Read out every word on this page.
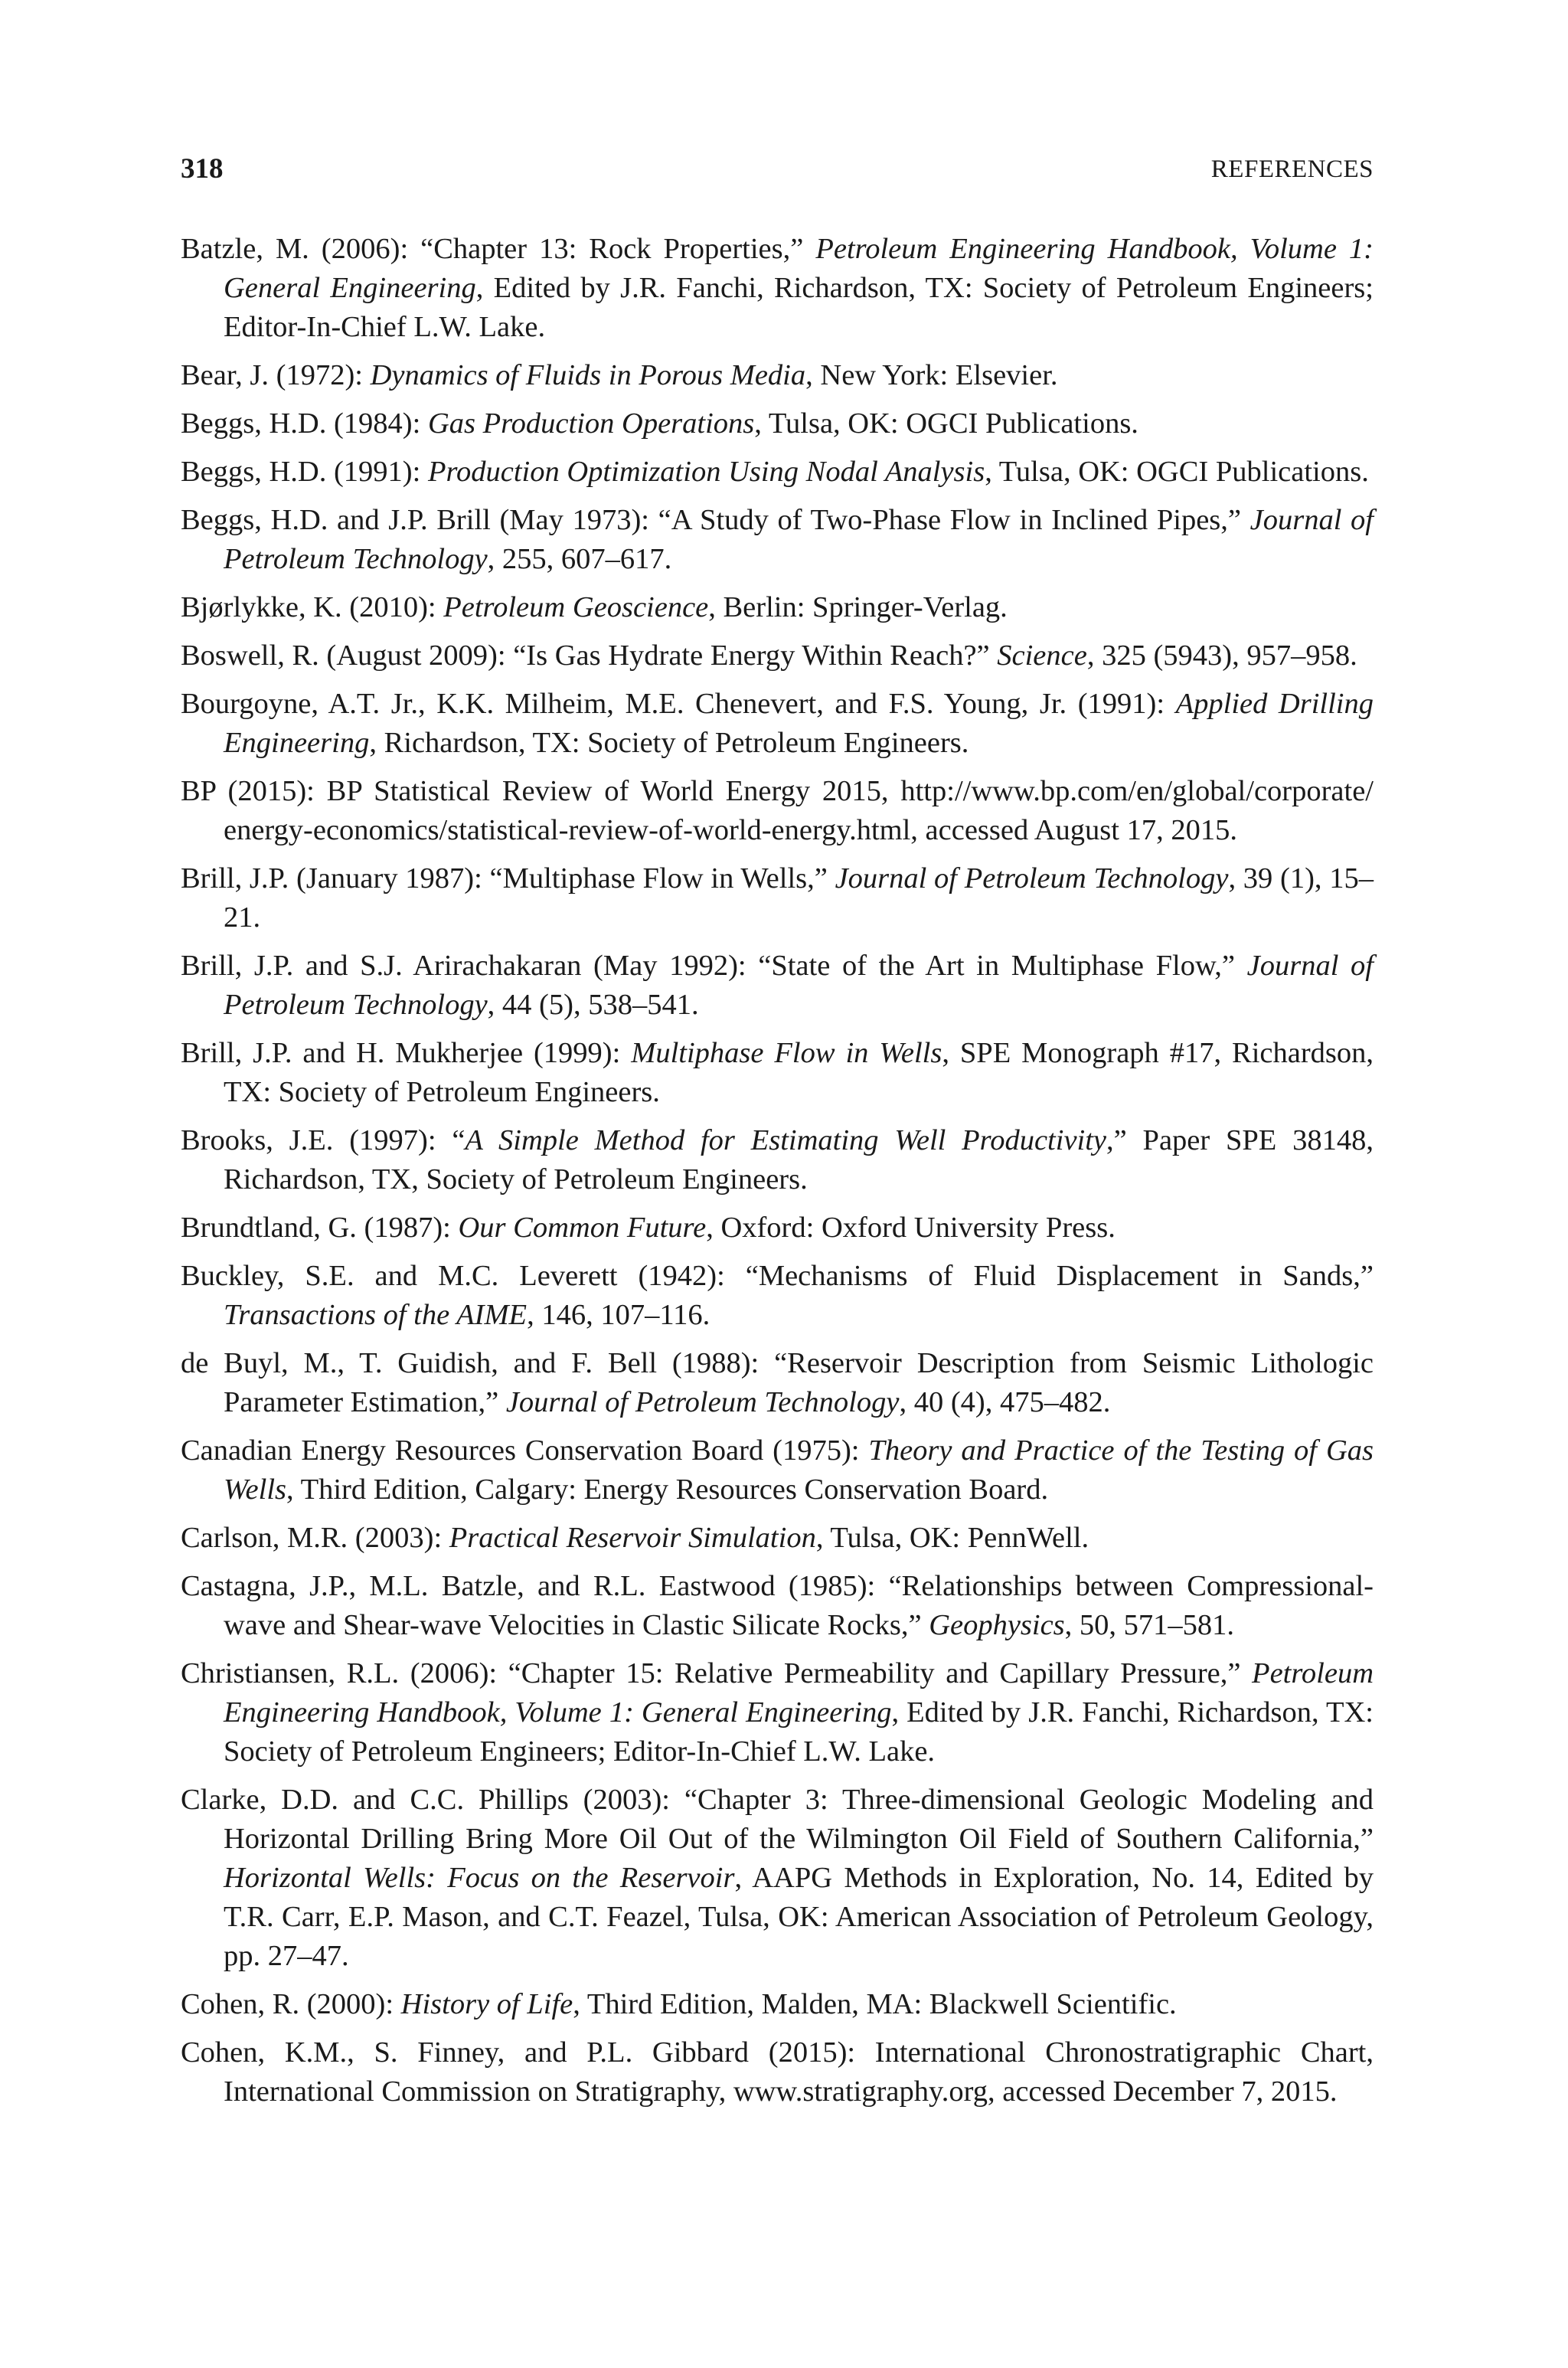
318	REFERENCES
Batzle, M. (2006): “Chapter 13: Rock Properties,” Petroleum Engineering Handbook, Volume 1: General Engineering, Edited by J.R. Fanchi, Richardson, TX: Society of Petroleum Engineers; Editor-In-Chief L.W. Lake.
Bear, J. (1972): Dynamics of Fluids in Porous Media, New York: Elsevier.
Beggs, H.D. (1984): Gas Production Operations, Tulsa, OK: OGCI Publications.
Beggs, H.D. (1991): Production Optimization Using Nodal Analysis, Tulsa, OK: OGCI Publications.
Beggs, H.D. and J.P. Brill (May 1973): “A Study of Two-Phase Flow in Inclined Pipes,” Journal of Petroleum Technology, 255, 607–617.
Bjørlykke, K. (2010): Petroleum Geoscience, Berlin: Springer-Verlag.
Boswell, R. (August 2009): “Is Gas Hydrate Energy Within Reach?” Science, 325 (5943), 957–958.
Bourgoyne, A.T. Jr., K.K. Milheim, M.E. Chenevert, and F.S. Young, Jr. (1991): Applied Drilling Engineering, Richardson, TX: Society of Petroleum Engineers.
BP (2015): BP Statistical Review of World Energy 2015, http://www.bp.com/en/global/corporate/ energy-economics/statistical-review-of-world-energy.html, accessed August 17, 2015.
Brill, J.P. (January 1987): “Multiphase Flow in Wells,” Journal of Petroleum Technology, 39 (1), 15–21.
Brill, J.P. and S.J. Arirachakaran (May 1992): “State of the Art in Multiphase Flow,” Journal of Petroleum Technology, 44 (5), 538–541.
Brill, J.P. and H. Mukherjee (1999): Multiphase Flow in Wells, SPE Monograph #17, Richardson, TX: Society of Petroleum Engineers.
Brooks, J.E. (1997): “A Simple Method for Estimating Well Productivity,” Paper SPE 38148, Richardson, TX, Society of Petroleum Engineers.
Brundtland, G. (1987): Our Common Future, Oxford: Oxford University Press.
Buckley, S.E. and M.C. Leverett (1942): “Mechanisms of Fluid Displacement in Sands,” Transactions of the AIME, 146, 107–116.
de Buyl, M., T. Guidish, and F. Bell (1988): “Reservoir Description from Seismic Lithologic Parameter Estimation,” Journal of Petroleum Technology, 40 (4), 475–482.
Canadian Energy Resources Conservation Board (1975): Theory and Practice of the Testing of Gas Wells, Third Edition, Calgary: Energy Resources Conservation Board.
Carlson, M.R. (2003): Practical Reservoir Simulation, Tulsa, OK: PennWell.
Castagna, J.P., M.L. Batzle, and R.L. Eastwood (1985): “Relationships between Compressional-wave and Shear-wave Velocities in Clastic Silicate Rocks,” Geophysics, 50, 571–581.
Christiansen, R.L. (2006): “Chapter 15: Relative Permeability and Capillary Pressure,” Petroleum Engineering Handbook, Volume 1: General Engineering, Edited by J.R. Fanchi, Richardson, TX: Society of Petroleum Engineers; Editor-In-Chief L.W. Lake.
Clarke, D.D. and C.C. Phillips (2003): “Chapter 3: Three-dimensional Geologic Modeling and Horizontal Drilling Bring More Oil Out of the Wilmington Oil Field of Southern California,” Horizontal Wells: Focus on the Reservoir, AAPG Methods in Exploration, No. 14, Edited by T.R. Carr, E.P. Mason, and C.T. Feazel, Tulsa, OK: American Association of Petroleum Geology, pp. 27–47.
Cohen, R. (2000): History of Life, Third Edition, Malden, MA: Blackwell Scientific.
Cohen, K.M., S. Finney, and P.L. Gibbard (2015): International Chronostratigraphic Chart, International Commission on Stratigraphy, www.stratigraphy.org, accessed December 7, 2015.
